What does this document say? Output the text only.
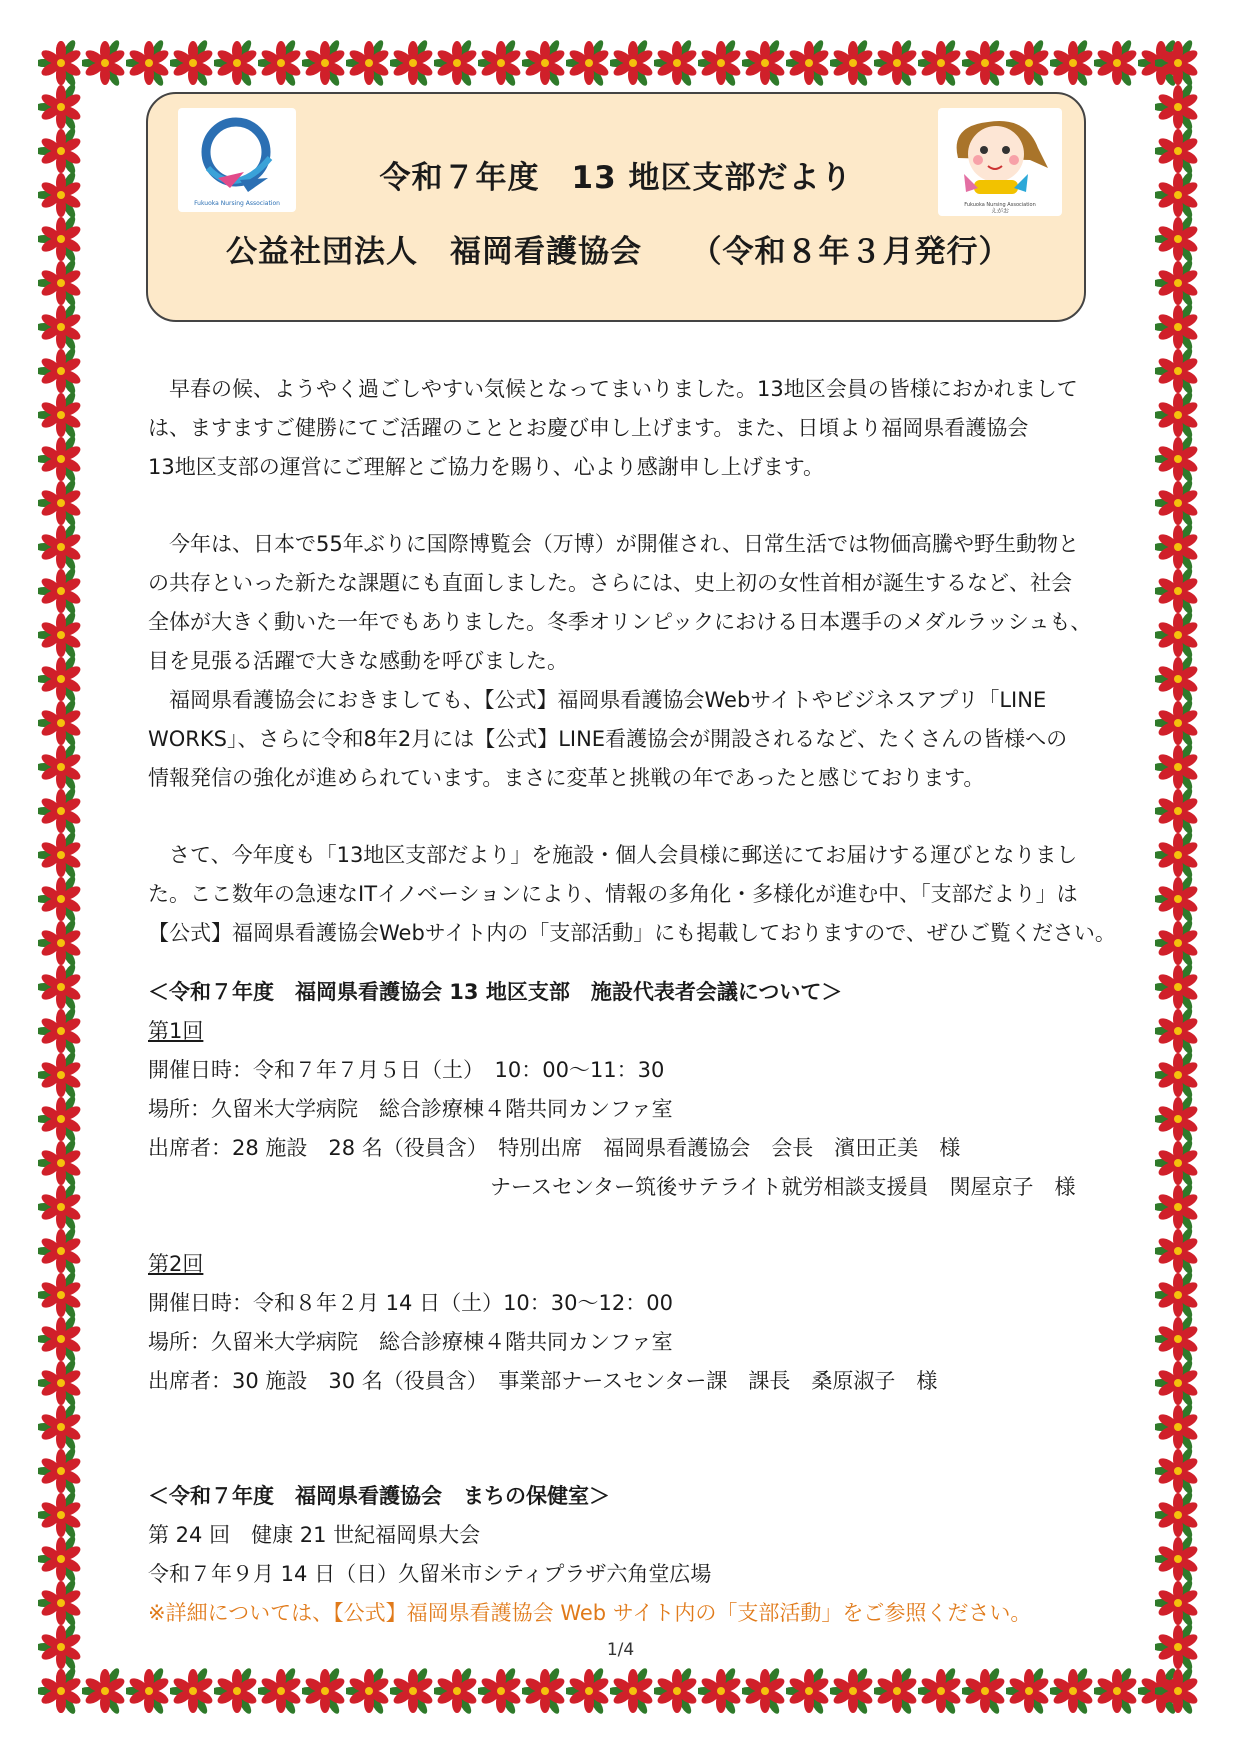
Fukuoka Nursing Association
令和７年度　13 地区支部だより
Fukuoka Nursing Association
えがお
公益社団法人　福岡看護協会　　（令和８年３月発行）

　早春の候、ようやく過ごしやすい気候となってまいりました。13地区会員の皆様におかれまして

は、ますますご健勝にてご活躍のこととお慶び申し上げます。また、日頃より福岡県看護協会

13地区支部の運営にご理解とご協力を賜り、心より感謝申し上げます。

　今年は、日本で55年ぶりに国際博覧会（万博）が開催され、日常生活では物価高騰や野生動物と

の共存といった新たな課題にも直面しました。さらには、史上初の女性首相が誕生するなど、社会

全体が大きく動いた一年でもありました。冬季オリンピックにおける日本選手のメダルラッシュも、

目を見張る活躍で大きな感動を呼びました。

　福岡県看護協会におきましても、【公式】福岡県看護協会Webサイトやビジネスアプリ「LINE

WORKS」、さらに令和8年2月には【公式】LINE看護協会が開設されるなど、たくさんの皆様への

情報発信の強化が進められています。まさに変革と挑戦の年であったと感じております。

　さて、今年度も「13地区支部だより」を施設・個人会員様に郵送にてお届けする運びとなりまし

た。ここ数年の急速なITイノベーションにより、情報の多角化・多様化が進む中、「支部だより」は

【公式】福岡県看護協会Webサイト内の「支部活動」にも掲載しておりますので、ぜひご覧ください。

＜令和７年度　福岡県看護協会 13 地区支部　施設代表者会議について＞

第1回

開催日時：令和７年７月５日（土）　10：00～11：30

場所：久留米大学病院　総合診療棟４階共同カンファ室

出席者：28 施設　28 名（役員含）　特別出席　福岡県看護協会　会長　濱田正美　様

ナースセンター筑後サテライト就労相談支援員　関屋京子　様

第2回

開催日時：令和８年２月 14 日（土）10：30～12：00

場所：久留米大学病院　総合診療棟４階共同カンファ室

出席者：30 施設　30 名（役員含）　事業部ナースセンター課　課長　桑原淑子　様

＜令和７年度　福岡県看護協会　まちの保健室＞

第 24 回　健康 21 世紀福岡県大会

令和７年９月 14 日（日）久留米市シティプラザ六角堂広場

※詳細については、【公式】福岡県看護協会 Web サイト内の「支部活動」をご参照ください。

1/4
